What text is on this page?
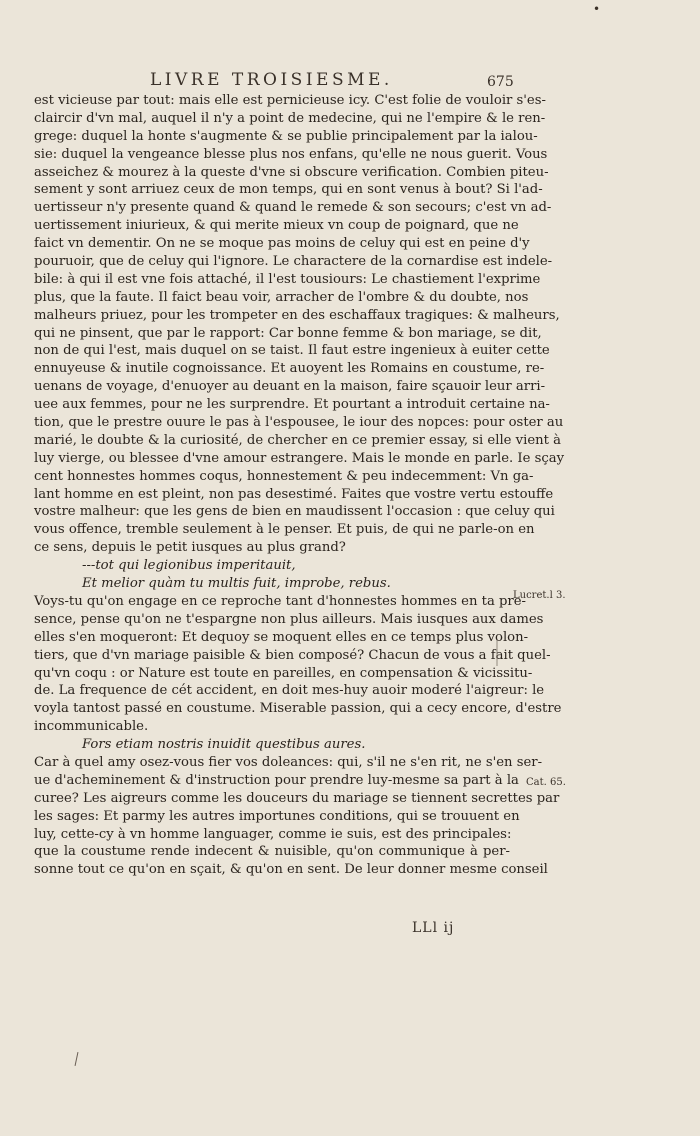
•
LIVRE TROISIESME.	675
est vicieuse par tout: mais elle est pernicieuse icy. C'est folie de vouloir s'es-
claircir d'vn mal, auquel il n'y a point de medecine, qui ne l'empire & le ren-
grege: duquel la honte s'augmente & se publie principalement par la ialou-
sie: duquel la vengeance blesse plus nos enfans, qu'elle ne nous guerit. Vous
asseichez & mourez à la queste d'vne si obscure verification. Combien piteu-
sement y sont arriuez ceux de mon temps, qui en sont venus à bout? Si l'ad-
uertisseur n'y presente quand & quand le remede & son secours; c'est vn ad-
uertissement iniurieux, & qui merite mieux vn coup de poignard, que ne
faict vn dementir. On ne se moque pas moins de celuy qui est en peine d'y
pouruoir, que de celuy qui l'ignore. Le charactere de la cornardise est indele-
bile: à qui il est vne fois attaché, il l'est tousiours: Le chastiement l'exprime
plus, que la faute. Il faict beau voir, arracher de l'ombre & du doubte, nos
malheurs priuez, pour les trompeter en des eschaffaux tragiques: & malheurs,
qui ne pinsent, que par le rapport: Car bonne femme & bon mariage, se dit,
non de qui l'est, mais duquel on se taist. Il faut estre ingenieux à euiter cette
ennuyeuse & inutile cognoissance. Et auoyent les Romains en coustume, re-
uenans de voyage, d'enuoyer au deuant en la maison, faire sçauoir leur arri-
uee aux femmes, pour ne les surprendre. Et pourtant a introduit certaine na-
tion, que le prestre ouure le pas à l'espousee, le iour des nopces: pour oster au
marié, le doubte & la curiosité, de chercher en ce premier essay, si elle vient à
luy vierge, ou blessee d'vne amour estrangere. Mais le monde en parle. Ie sçay
cent honnestes hommes coqus, honnestement & peu indecemment: Vn ga-
lant homme en est pleint, non pas desestimé. Faites que vostre vertu estouffe
vostre malheur: que les gens de bien en maudissent l'occasion : que celuy qui
vous offence, tremble seulement à le penser. Et puis, de qui ne parle-on en
ce sens, depuis le petit iusques au plus grand?
---tot qui legionibus imperitauit,
Et melior quàm tu multis fuit, improbe, rebus.
Voys-tu qu'on engage en ce reproche tant d'honnestes hommes en ta pre-
sence, pense qu'on ne t'espargne non plus ailleurs. Mais iusques aux dames
elles s'en moqueront: Et dequoy se moquent elles en ce temps plus volon-
tiers, que d'vn mariage paisible & bien composé? Chacun de vous a fait quel-
qu'vn coqu : or Nature est toute en pareilles, en compensation & vicissitu-
de. La frequence de cét accident, en doit mes-huy auoir moderé l'aigreur: le
voyla tantost passé en coustume. Miserable passion, qui a cecy encore, d'estre
incommunicable.
Fors etiam nostris inuidit questibus aures.
Car à quel amy osez-vous fier vos doleances: qui, s'il ne s'en rit, ne s'en ser-
ue d'acheminement & d'instruction pour prendre luy-mesme sa part à la
curee? Les aigreurs comme les douceurs du mariage se tiennent secrettes par
les sages: Et parmy les autres importunes conditions, qui se trouuent en
luy, cette-cy à vn homme languager, comme ie suis, est des principales:
que la coustume rende indecent & nuisible, qu'on communique à per-
sonne tout ce qu'on en sçait, & qu'on en sent. De leur donner mesme conseil
Lucret.l 3.
Cat. 65.
LLl ij
